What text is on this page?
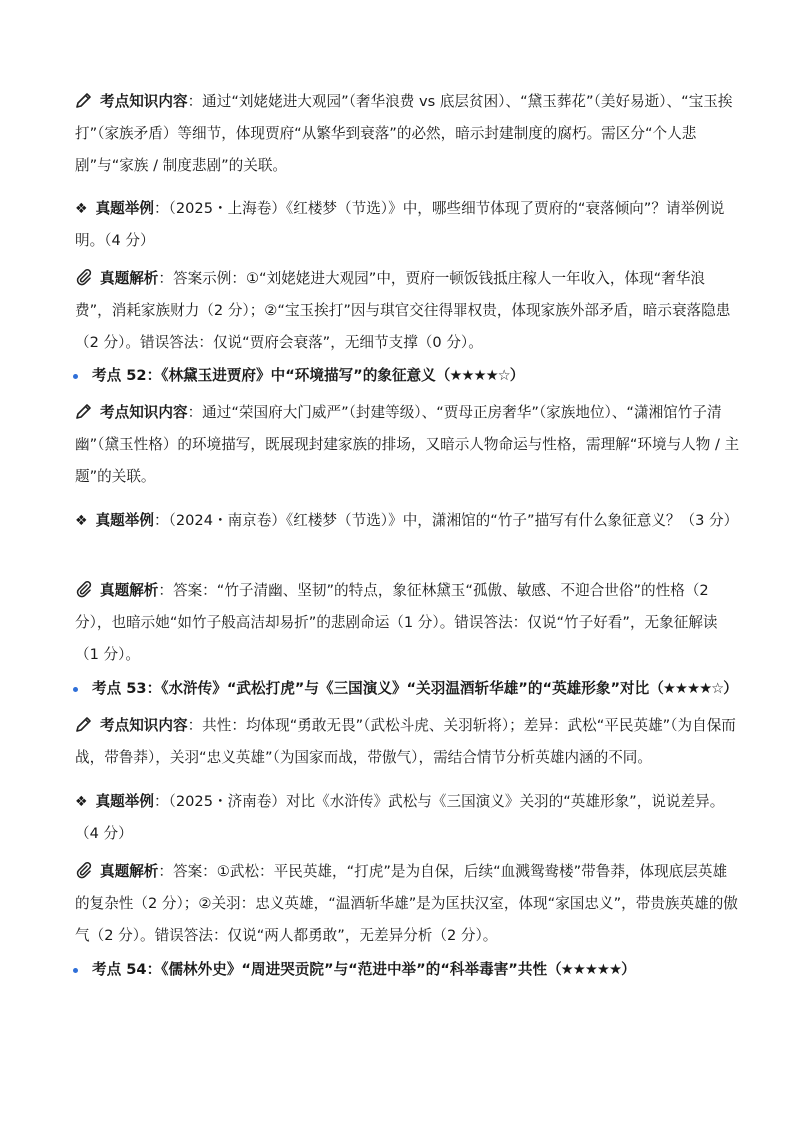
考点知识内容：通过“刘姥姥进大观园”（奢华浪费 vs 底层贫困）、“黛玉葬花”（美好易逝）、“宝玉挨打”（家族矛盾）等细节，体现贾府“从繁华到衰落”的必然，暗示封建制度的腐朽。需区分“个人悲剧”与“家族 / 制度悲剧”的关联。
❖ 真题举例：（2025・上海卷）《红楼梦（节选）》中，哪些细节体现了贾府的“衰落倾向”？请举例说明。（4 分）
真题解析：答案示例：①“刘姥姥进大观园”中，贾府一顿饭钱抵庄稼人一年收入，体现“奢华浪费”，消耗家族财力（2 分）；②“宝玉挨打”因与琪官交往得罪权贵，体现家族外部矛盾，暗示衰落隐患（2 分）。错误答法：仅说“贾府会衰落”，无细节支撑（0 分）。
考点 52：《林黛玉进贾府》中“环境描写”的象征意义（★★★★☆）
考点知识内容：通过“荣国府大门威严”（封建等级）、“贾母正房奢华”（家族地位）、“潇湘馆竹子清幽”（黛玉性格）的环境描写，既展现封建家族的排场，又暗示人物命运与性格，需理解“环境与人物 / 主题”的关联。
❖ 真题举例：（2024・南京卷）《红楼梦（节选）》中，潇湘馆的“竹子”描写有什么象征意义？（3 分）
真题解析：答案：“竹子清幽、坚韧”的特点，象征林黛玉“孤傲、敏感、不迎合世俗”的性格（2 分），也暗示她“如竹子般高洁却易折”的悲剧命运（1 分）。错误答法：仅说“竹子好看”，无象征解读（1 分）。
考点 53：《水浒传》“武松打虎”与《三国演义》“关羽温酒斩华雄”的“英雄形象”对比（★★★★☆）
考点知识内容：共性：均体现“勇敢无畏”（武松斗虎、关羽斩将）；差异：武松“平民英雄”（为自保而战，带鲁莽），关羽“忠义英雄”（为国家而战，带傲气），需结合情节分析英雄内涵的不同。
❖ 真题举例：（2025・济南卷）对比《水浒传》武松与《三国演义》关羽的“英雄形象”，说说差异。（4 分）
真题解析：答案：①武松：平民英雄，“打虎”是为自保，后续“血溅鸳鸯楼”带鲁莽，体现底层英雄的复杂性（2 分）；②关羽：忠义英雄，“温酒斩华雄”是为匡扶汉室，体现“家国忠义”，带贵族英雄的傲气（2 分）。错误答法：仅说“两人都勇敢”，无差异分析（2 分）。
考点 54：《儒林外史》“周进哭贡院”与“范进中举”的“科举毒害”共性（★★★★★）
